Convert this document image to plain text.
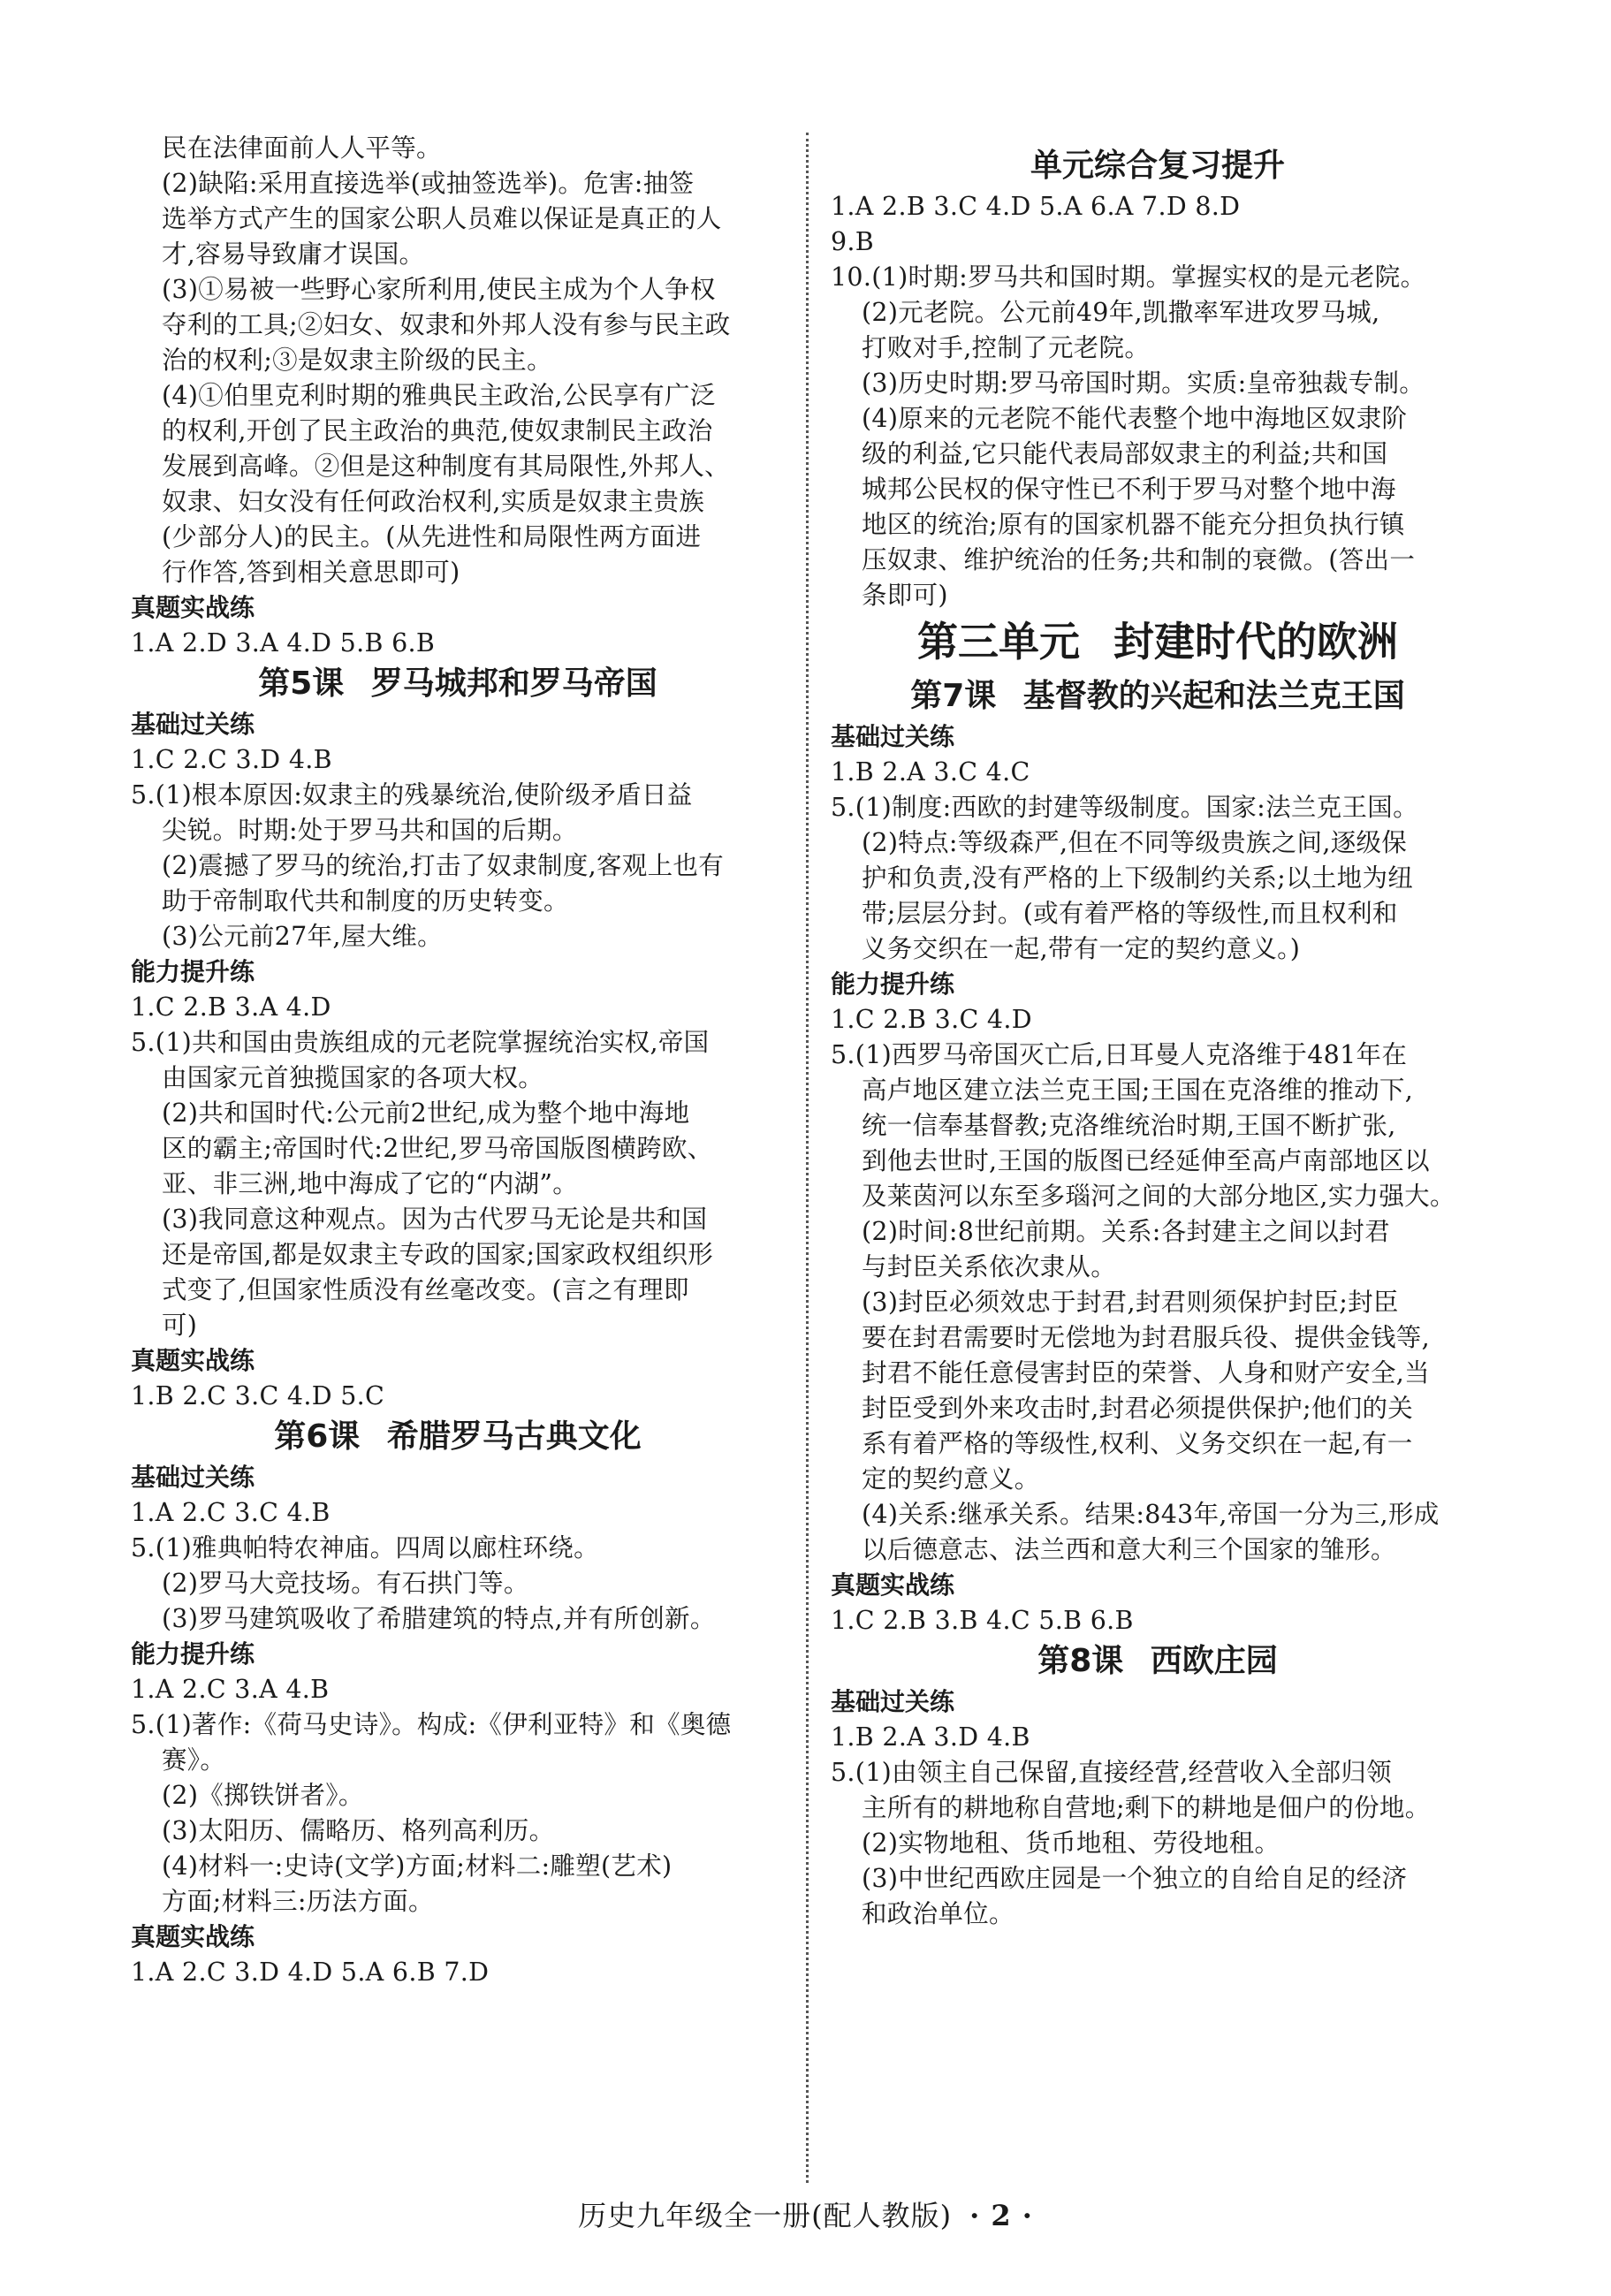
民在法律面前人人平等。

(2)缺陷:采用直接选举(或抽签选举)。危害:抽签

选举方式产生的国家公职人员难以保证是真正的人

才,容易导致庸才误国。

(3)①易被一些野心家所利用,使民主成为个人争权

夺利的工具;②妇女、奴隶和外邦人没有参与民主政

治的权利;③是奴隶主阶级的民主。

(4)①伯里克利时期的雅典民主政治,公民享有广泛

的权利,开创了民主政治的典范,使奴隶制民主政治

发展到高峰。②但是这种制度有其局限性,外邦人、

奴隶、妇女没有任何政治权利,实质是奴隶主贵族

(少部分人)的民主。(从先进性和局限性两方面进

行作答,答到相关意思即可)

真题实战练

1.A 2.D 3.A 4.D 5.B 6.B

第5课 罗马城邦和罗马帝国

基础过关练

1.C 2.C 3.D 4.B

5.(1)根本原因:奴隶主的残暴统治,使阶级矛盾日益

尖锐。时期:处于罗马共和国的后期。

(2)震撼了罗马的统治,打击了奴隶制度,客观上也有

助于帝制取代共和制度的历史转变。

(3)公元前27年,屋大维。

能力提升练

1.C 2.B 3.A 4.D

5.(1)共和国由贵族组成的元老院掌握统治实权,帝国

由国家元首独揽国家的各项大权。

(2)共和国时代:公元前2世纪,成为整个地中海地

区的霸主;帝国时代:2世纪,罗马帝国版图横跨欧、

亚、非三洲,地中海成了它的“内湖”。

(3)我同意这种观点。因为古代罗马无论是共和国

还是帝国,都是奴隶主专政的国家;国家政权组织形

式变了,但国家性质没有丝毫改变。(言之有理即

可)

真题实战练

1.B 2.C 3.C 4.D 5.C

第6课 希腊罗马古典文化

基础过关练

1.A 2.C 3.C 4.B

5.(1)雅典帕特农神庙。四周以廊柱环绕。

(2)罗马大竞技场。有石拱门等。

(3)罗马建筑吸收了希腊建筑的特点,并有所创新。

能力提升练

1.A 2.C 3.A 4.B

5.(1)著作:《荷马史诗》。构成:《伊利亚特》和《奥德

赛》。

(2)《掷铁饼者》。

(3)太阳历、儒略历、格列高利历。

(4)材料一:史诗(文学)方面;材料二:雕塑(艺术)

方面;材料三:历法方面。

真题实战练

1.A 2.C 3.D 4.D 5.A 6.B 7.D

单元综合复习提升

1.A 2.B 3.C 4.D 5.A 6.A 7.D 8.D

9.B

10.(1)时期:罗马共和国时期。掌握实权的是元老院。

(2)元老院。公元前49年,凯撒率军进攻罗马城,

打败对手,控制了元老院。

(3)历史时期:罗马帝国时期。实质:皇帝独裁专制。

(4)原来的元老院不能代表整个地中海地区奴隶阶

级的利益,它只能代表局部奴隶主的利益;共和国

城邦公民权的保守性已不利于罗马对整个地中海

地区的统治;原有的国家机器不能充分担负执行镇

压奴隶、维护统治的任务;共和制的衰微。(答出一

条即可)

第三单元 封建时代的欧洲

第7课 基督教的兴起和法兰克王国

基础过关练

1.B 2.A 3.C 4.C

5.(1)制度:西欧的封建等级制度。国家:法兰克王国。

(2)特点:等级森严,但在不同等级贵族之间,逐级保

护和负责,没有严格的上下级制约关系;以土地为纽

带;层层分封。(或有着严格的等级性,而且权利和

义务交织在一起,带有一定的契约意义。)

能力提升练

1.C 2.B 3.C 4.D

5.(1)西罗马帝国灭亡后,日耳曼人克洛维于481年在

高卢地区建立法兰克王国;王国在克洛维的推动下,

统一信奉基督教;克洛维统治时期,王国不断扩张,

到他去世时,王国的版图已经延伸至高卢南部地区以

及莱茵河以东至多瑙河之间的大部分地区,实力强大。

(2)时间:8世纪前期。关系:各封建主之间以封君

与封臣关系依次隶从。

(3)封臣必须效忠于封君,封君则须保护封臣;封臣

要在封君需要时无偿地为封君服兵役、提供金钱等,

封君不能任意侵害封臣的荣誉、人身和财产安全,当

封臣受到外来攻击时,封君必须提供保护;他们的关

系有着严格的等级性,权利、义务交织在一起,有一

定的契约意义。

(4)关系:继承关系。结果:843年,帝国一分为三,形成

以后德意志、法兰西和意大利三个国家的雏形。

真题实战练

1.C 2.B 3.B 4.C 5.B 6.B

第8课 西欧庄园

基础过关练

1.B 2.A 3.D 4.B

5.(1)由领主自己保留,直接经营,经营收入全部归领

主所有的耕地称自营地;剩下的耕地是佃户的份地。

(2)实物地租、货币地租、劳役地租。

(3)中世纪西欧庄园是一个独立的自给自足的经济

和政治单位。

历史九年级全一册(配人教版) · 2 ·
